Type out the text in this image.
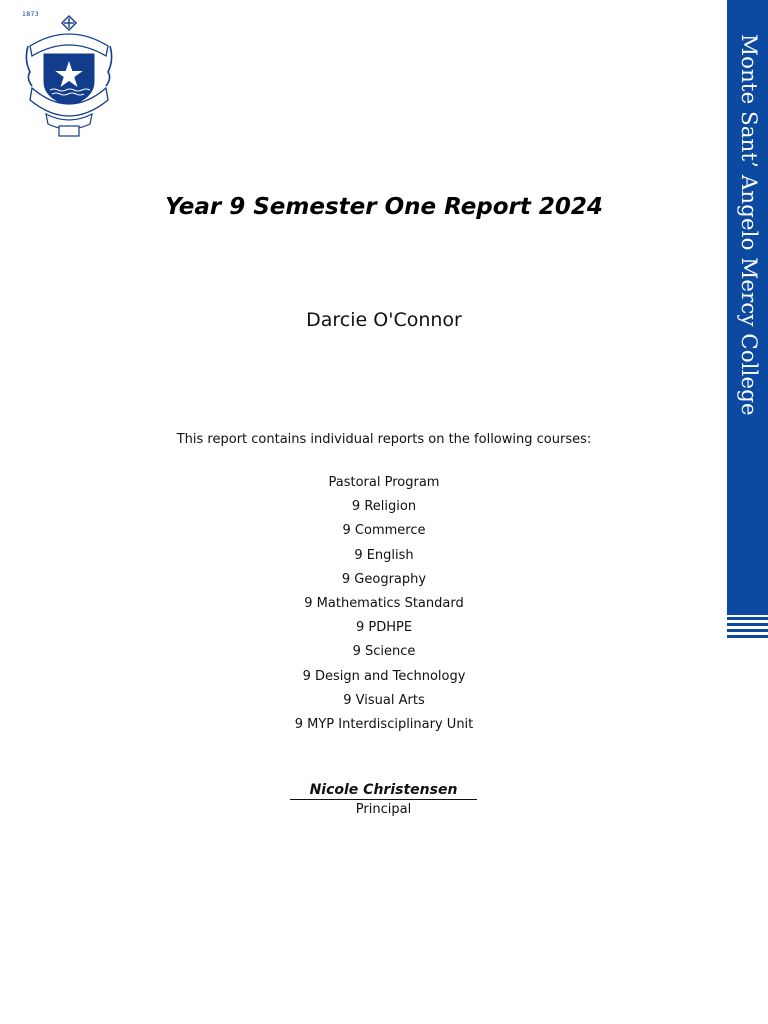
1873
Monte Sant’ Angelo Mercy College
Year 9 Semester One Report 2024
Darcie O'Connor
This report contains individual reports on the following courses:
Pastoral Program
9 Religion
9 Commerce
9 English
9 Geography
9 Mathematics Standard
9 PDHPE
9 Science
9 Design and Technology
9 Visual Arts
9 MYP Interdisciplinary Unit
Nicole Christensen
Principal
